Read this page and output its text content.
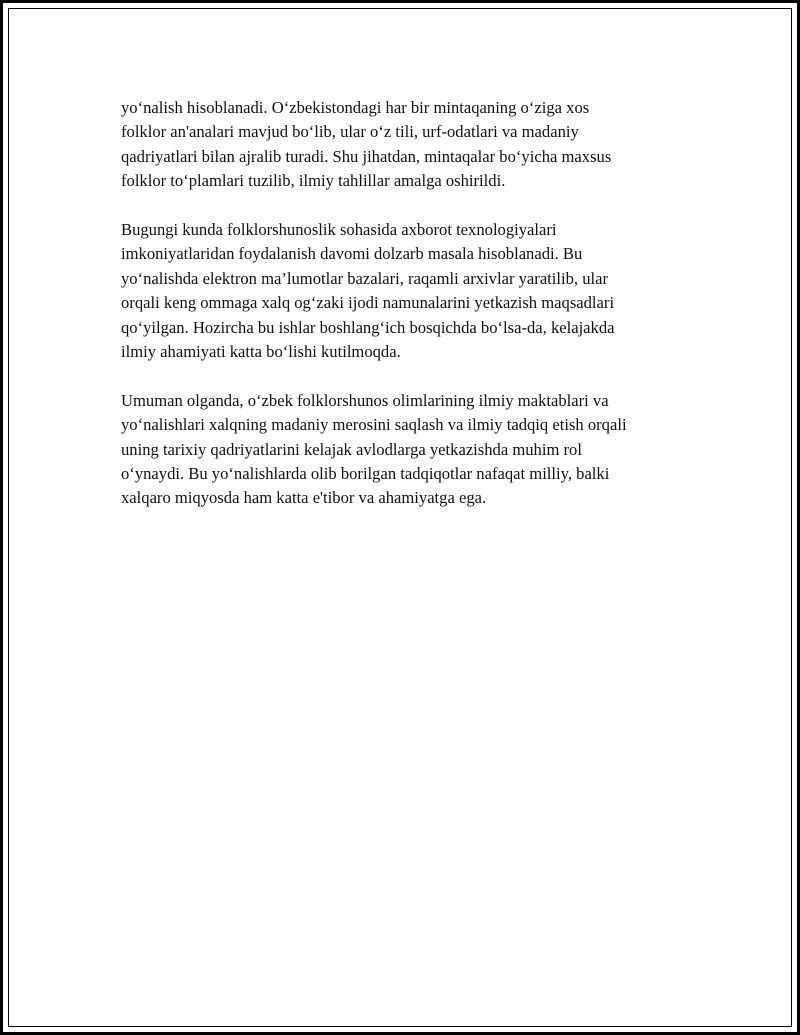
yo‘nalish hisoblanadi. O‘zbekistondagi har bir mintaqaning o‘ziga xos
folklor an'analari mavjud bo‘lib, ular o‘z tili, urf-odatlari va madaniy
qadriyatlari bilan ajralib turadi. Shu jihatdan, mintaqalar bo‘yicha maxsus
folklor to‘plamlari tuzilib, ilmiy tahlillar amalga oshirildi.

Bugungi kunda folklorshunoslik sohasida axborot texnologiyalari
imkoniyatlaridan foydalanish davomi dolzarb masala hisoblanadi. Bu
yo‘nalishda elektron ma’lumotlar bazalari, raqamli arxivlar yaratilib, ular
orqali keng ommaga xalq og‘zaki ijodi namunalarini yetkazish maqsadlari
qo‘yilgan. Hozircha bu ishlar boshlang‘ich bosqichda bo‘lsa-da, kelajakda
ilmiy ahamiyati katta bo‘lishi kutilmoqda.

Umuman olganda, o‘zbek folklorshunos olimlarining ilmiy maktablari va
yo‘nalishlari xalqning madaniy merosini saqlash va ilmiy tadqiq etish orqali
uning tarixiy qadriyatlarini kelajak avlodlarga yetkazishda muhim rol
o‘ynaydi. Bu yo‘nalishlarda olib borilgan tadqiqotlar nafaqat milliy, balki
xalqaro miqyosda ham katta e'tibor va ahamiyatga ega.
